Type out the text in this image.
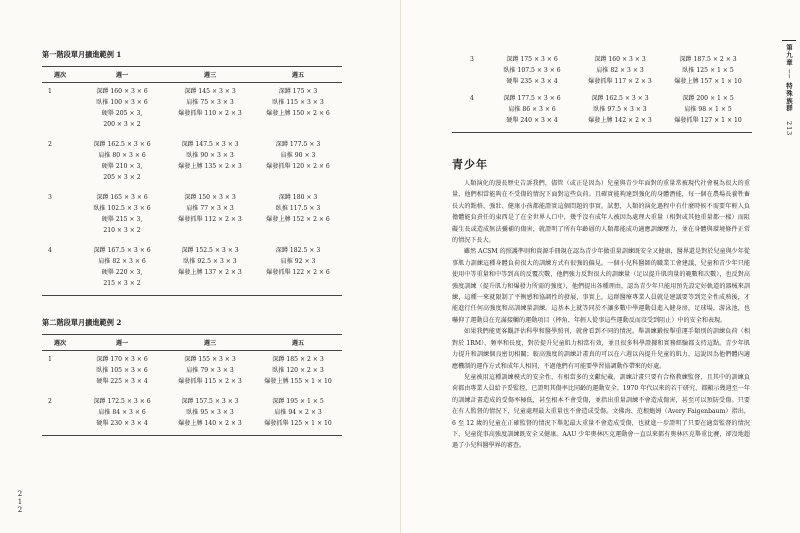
第一階段單月擴進範例 1
週次	週一	週三	週五
1	深蹲 160 × 3 × 6
臥推 100 × 3 × 6
硬舉 205 × 3,
200 × 3 × 2	深蹲 145 × 3 × 3
肩推 75 × 3 × 3
爆發抓舉 110 × 2 × 3	深蹲 175 × 3
臥推 115 × 3 × 3
爆發上膊 150 × 2 × 6

2	深蹲 162.5 × 3 × 6
肩推 80 × 3 × 6
硬舉 210 × 3,
205 × 3 × 2	深蹲 147.5 × 3 × 3
臥推 90 × 3 × 3
爆發上膊 135 × 2 × 3	深蹲 177.5 × 3
肩推 90 × 3
爆發抓舉 120 × 2 × 6

3	深蹲 165 × 3 × 6
臥推 102.5 × 3 × 6
硬舉 215 × 3,
210 × 3 × 2	深蹲 150 × 3 × 3
肩推 77 × 3 × 3
爆發抓舉 112 × 2 × 3	深蹲 180 × 3
臥推 117.5 × 3
爆發上膊 152 × 2 × 6

4	深蹲 167.5 × 3 × 6
肩推 82 × 3 × 6
硬舉 220 × 3,
215 × 3 × 2	深蹲 152.5 × 3 × 3
臥推 92.5 × 3 × 3
爆發上膊 137 × 2 × 3	深蹲 182.5 × 3
肩推 92 × 3
爆發抓舉 122 × 2 × 6
第二階段單月擴進範例 2
週次	週一	週三	週五
1	深蹲 170 × 3 × 6
臥推 105 × 3 × 6
硬舉 225 × 3 × 4	深蹲 155 × 3 × 3
肩推 79 × 3 × 3
爆發抓舉 115 × 2 × 3	深蹲 185 × 2 × 3
臥推 120 × 2 × 3
爆發上膊 155 × 1 × 10

2	深蹲 172.5 × 3 × 6
肩推 84 × 3 × 6
硬舉 230 × 3 × 4	深蹲 157.5 × 3 × 3
臥推 95 × 3 × 3
爆發上膊 140 × 2 × 3	深蹲 195 × 1 × 5
肩推 94 × 2 × 3
爆發抓舉 125 × 1 × 10
2
1
2
3	深蹲 175 × 3 × 6
臥推 107.5 × 3 × 6
硬舉 235 × 3 × 4	深蹲 160 × 3 × 3
肩推 82 × 3 × 3
爆發抓舉 117 × 2 × 3	深蹲 187.5 × 2 × 3
臥推 125 × 1 × 5
爆發上膊 157 × 1 × 10

4	深蹲 177.5 × 3 × 6
肩推 86 × 3 × 6
硬舉 240 × 3 × 4	深蹲 162.5 × 3 × 3
臥推 97.5 × 3 × 3
爆發上膊 142 × 2 × 3	深蹲 200 × 1 × 5
肩推 98 × 1 × 5
爆發抓舉 127 × 1 × 10
青少年

人類演化的漫長歷史告訴我們，儘管（或正是因為）兒童與青少年面對的重量常被現代社會視為很大的重量，他們相當能夠在不受傷的情況下面對這些負荷。且確實能夠達到強化的身體潛能，每一個在農場長養牲畜長大的點格、強壯、健康小孩都能證實這個問題的事實。試想，人類的演化過程中有什麼時候不需要年輕人負擔體能負責任的東西是了在全世界人口中，幾乎沒有成年人被因為處理大重量（相對或其他重量都一樣）而阻礙生長或造成無法彌補的傷害，就證明了所有年齡層的人類都能成功適應訓練壓力，並在身體與環境條件正常的情況下長大。

雖然 ACSM 的照護準則和資源手冊現在認為青少年做重量訓練既安全又健康，醫界還是對於兒童與少年從事肌力訓練這種身體負荷很大的訓練方式有很強的偏見。一個小兒科醫師的職業工會建議，兒童和青少年只能使用中等重量和中等到高的反覆次數，他們強力反對很大的訓練量（足以提升肌肉量的範數和次數），也反對高強度訓練（提升肌力和爆發力所需的強度），他們提出各種理由，認為青少年只能用預先設定好軌道的器械來訓練，這種一來就限制了平衡感和協調性的發展，事實上，這群醫療專業人員就是建議要等到完全性成熟後，才能進行任何高強度和高訓練量訓練。這基本上就等同於不讓多數中學運動員進入健身房，足球場，游泳池，也嚇抑了運動員在充滿接觸的運動項目（摔角、年輕人從事這些運動反而沒受到阻止）中的安全和表現。

如果我們能更客觀評估科學和醫學照刊，就會看到不同的情況。舉訓練鍛按舉重運手類別的訓練負荷（相對於 1RM）、頻率和長度，對於提升兒童肌力相當有效，並且很多科學證據和實務經驗都支持這點。青少年肌力提升和訓練個良密切相關；較高強度的訓練計畫真的可以在六週以內提升兒童的肌力，這說因為他們體內適應機制的運作方式和成年人相同，不過他們有可能要學習協調動作帶來的好處。

兒童被用這種訓練模式的安全性，有相當多的文獻紀載，訓練計畫只要有合格教練監督，且其中的訓練負荷都由專業人員給予妥監控，已證明其傷率比同齡的運動安全。1970 年代以來的若干研究，都顯示幾週至一年的訓練計畫造成的受傷率極低，甚至根本不會受傷，並指出重量訓練不會造成傷害，甚至可以預防受傷。只要在有人監督的情況下，兒童處理最大重量也不會造成受傷。文佛海、范根鮑姆（Avery Faigenbaum）指出，6 至 12 歲的兒童在正確監督的情況下舉起最大重量不會造成受傷，也就進一步證明了只要在適當監督的情況下，兒童從事高強度訓練既安全又健康。AAU 少年奧林匹克運動會一直以來都有奧林匹克舉重比賽，卻沒地超過了小兒科醫學界的審查。

第九章 ── 特殊族群 213
